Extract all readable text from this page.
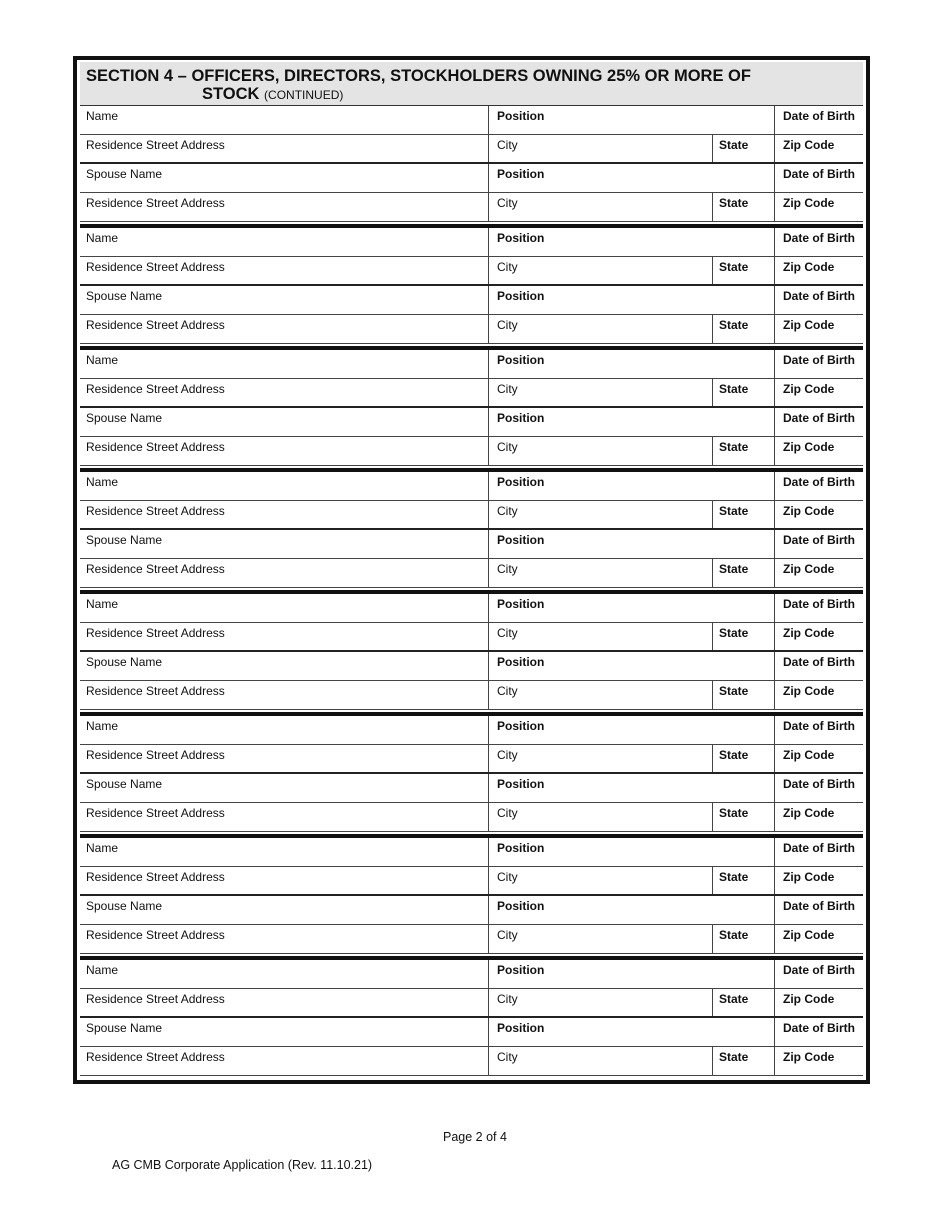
SECTION 4 – OFFICERS, DIRECTORS, STOCKHOLDERS OWNING 25% OR MORE OF
STOCK (CONTINUED)
Name	Position	Date of Birth
Residence Street Address	City	State	Zip Code
Spouse Name	Position	Date of Birth
Residence Street Address	City	State	Zip Code
Name	Position	Date of Birth
Residence Street Address	City	State	Zip Code
Spouse Name	Position	Date of Birth
Residence Street Address	City	State	Zip Code
Name	Position	Date of Birth
Residence Street Address	City	State	Zip Code
Spouse Name	Position	Date of Birth
Residence Street Address	City	State	Zip Code
Name	Position	Date of Birth
Residence Street Address	City	State	Zip Code
Spouse Name	Position	Date of Birth
Residence Street Address	City	State	Zip Code
Name	Position	Date of Birth
Residence Street Address	City	State	Zip Code
Spouse Name	Position	Date of Birth
Residence Street Address	City	State	Zip Code
Name	Position	Date of Birth
Residence Street Address	City	State	Zip Code
Spouse Name	Position	Date of Birth
Residence Street Address	City	State	Zip Code
Name	Position	Date of Birth
Residence Street Address	City	State	Zip Code
Spouse Name	Position	Date of Birth
Residence Street Address	City	State	Zip Code
Name	Position	Date of Birth
Residence Street Address	City	State	Zip Code
Spouse Name	Position	Date of Birth
Residence Street Address	City	State	Zip Code
Page 2 of 4
AG CMB Corporate Application (Rev. 11.10.21)
